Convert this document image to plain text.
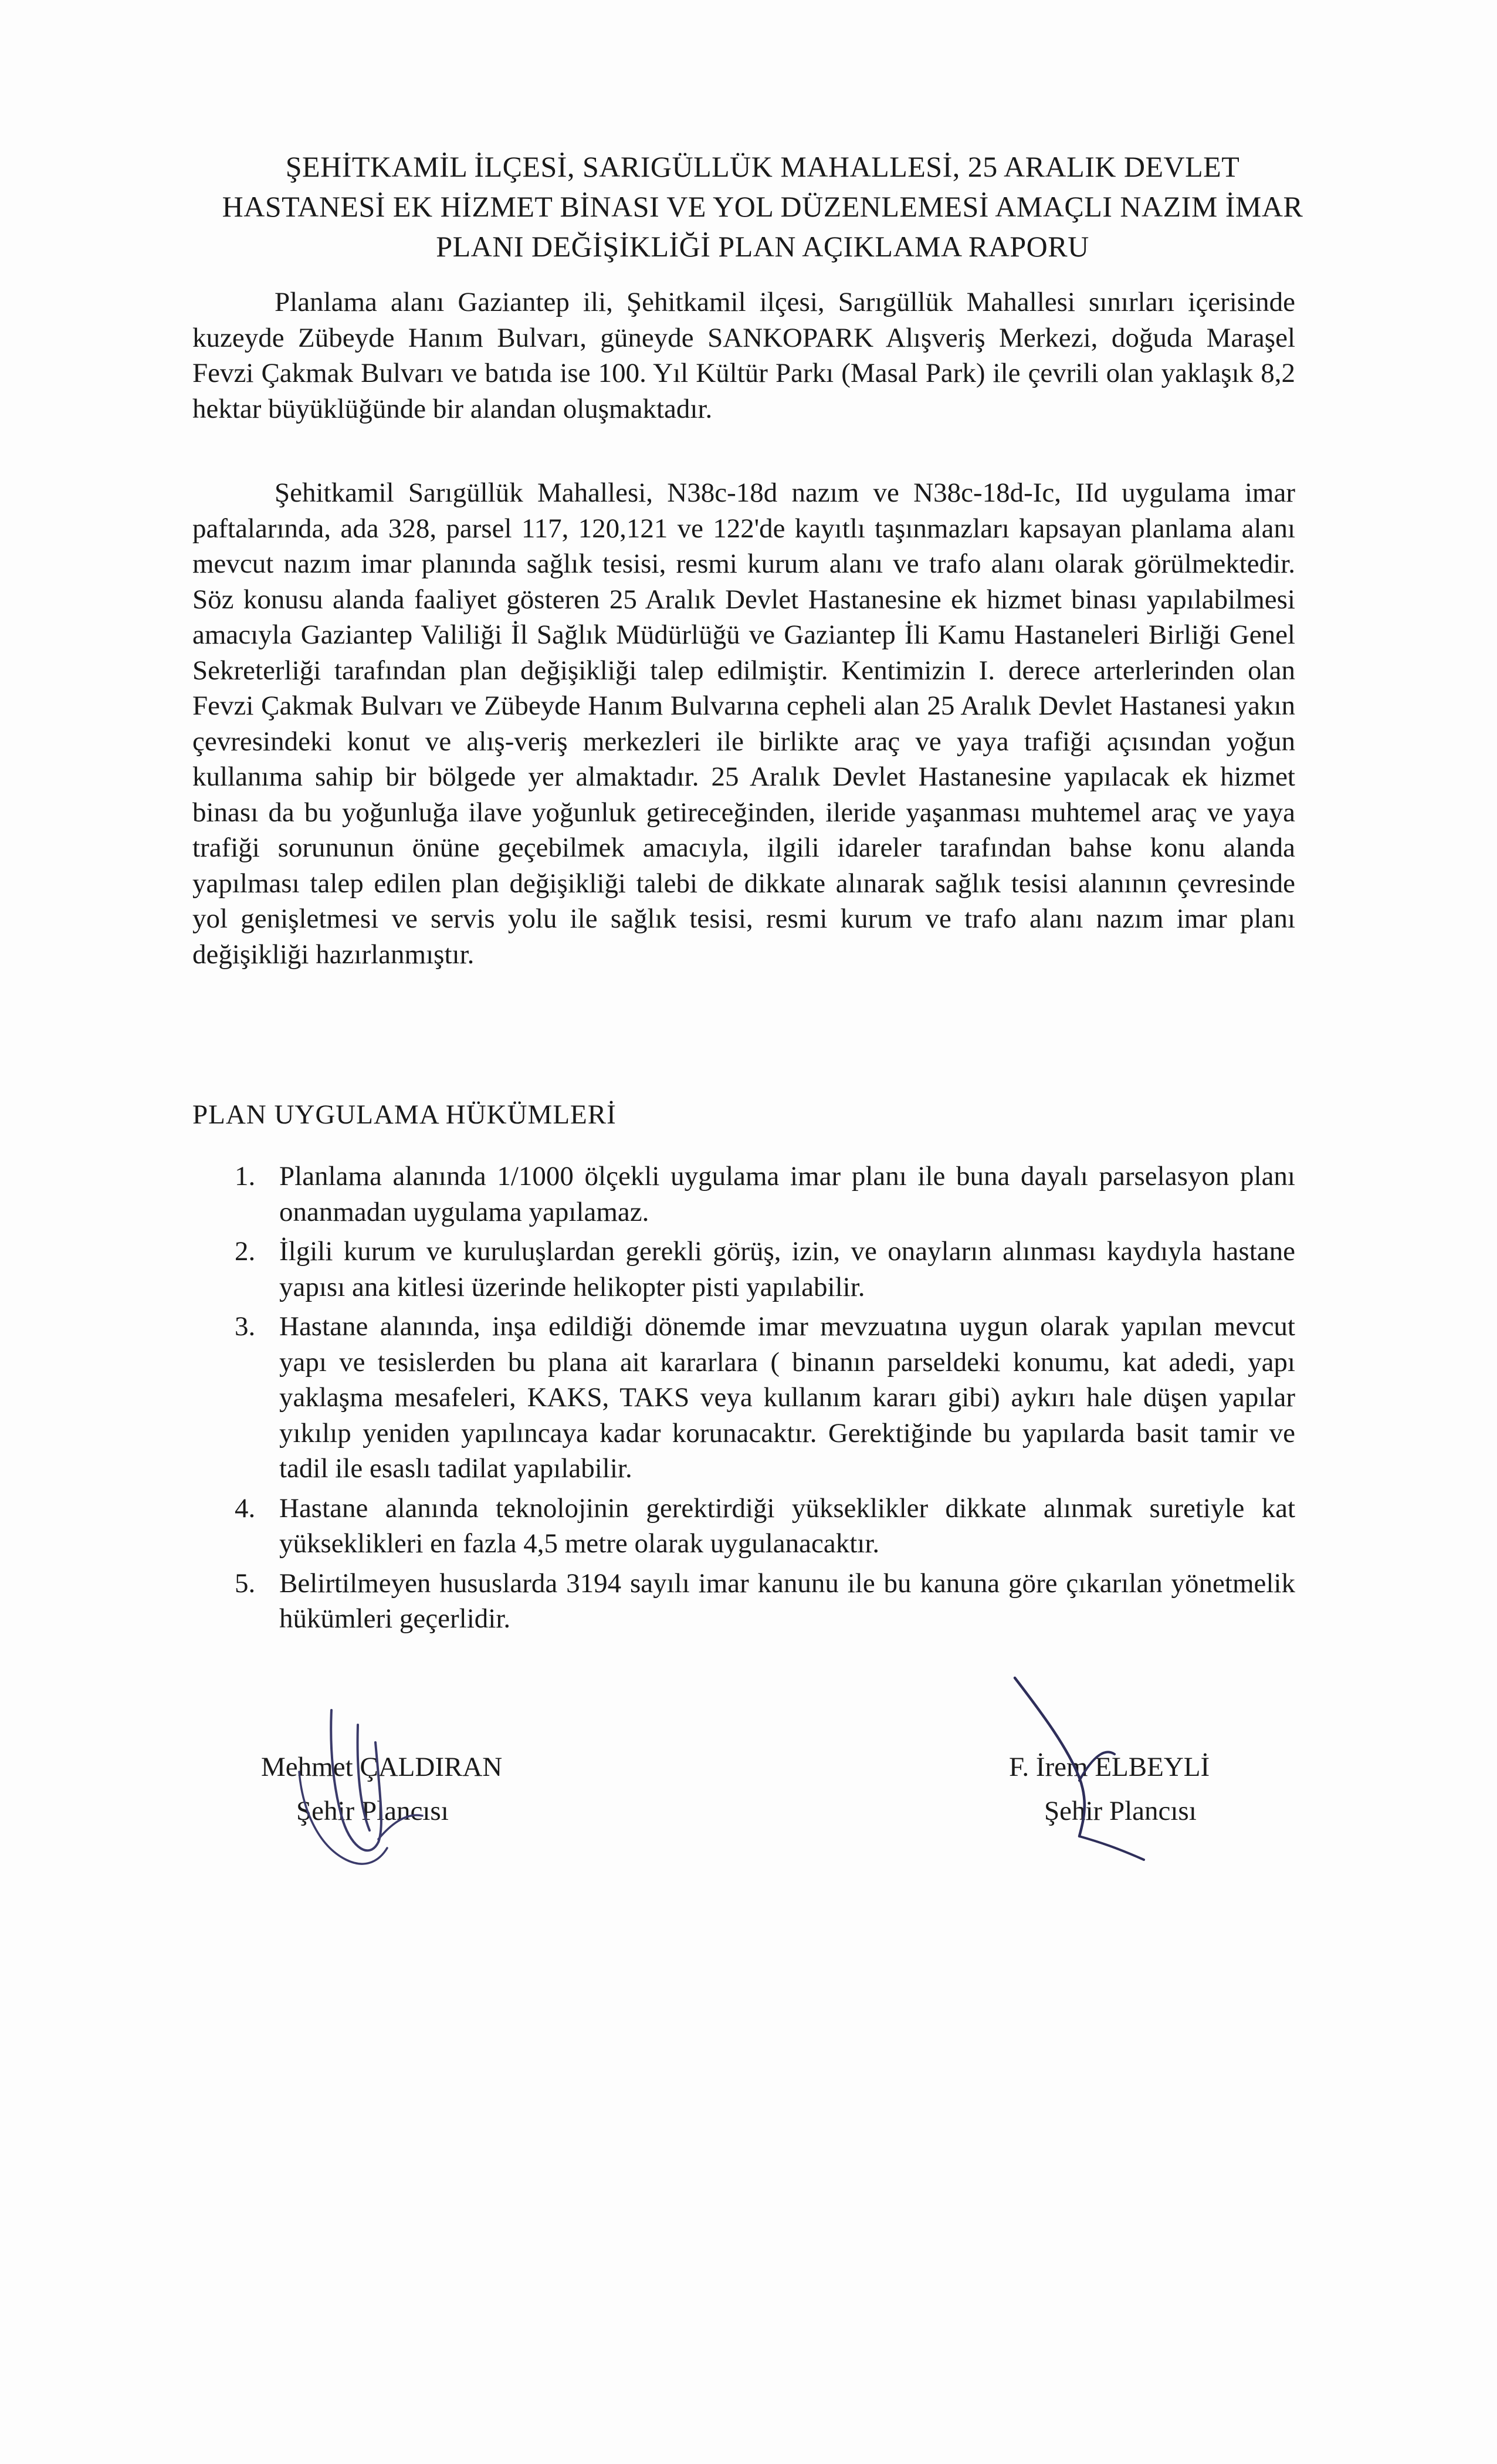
ŞEHİTKAMİL İLÇESİ, SARIGÜLLÜK MAHALLESİ, 25 ARALIK DEVLET
HASTANESİ EK HİZMET BİNASI VE YOL DÜZENLEMESİ AMAÇLI NAZIM İMAR
PLANI DEĞİŞİKLİĞİ PLAN AÇIKLAMA RAPORU
Planlama alanı Gaziantep ili, Şehitkamil ilçesi, Sarıgüllük Mahallesi sınırları içerisinde kuzeyde Zübeyde Hanım Bulvarı, güneyde SANKOPARK Alışveriş Merkezi, doğuda Maraşel Fevzi Çakmak Bulvarı ve batıda ise 100. Yıl Kültür Parkı (Masal Park) ile çevrili olan yaklaşık 8,2 hektar büyüklüğünde bir alandan oluşmaktadır.
Şehitkamil Sarıgüllük Mahallesi, N38c-18d nazım ve N38c-18d-Ic, IId uygulama imar paftalarında, ada 328, parsel 117, 120,121 ve 122'de kayıtlı taşınmazları kapsayan planlama alanı mevcut nazım imar planında sağlık tesisi, resmi kurum alanı ve trafo alanı olarak görülmektedir. Söz konusu alanda faaliyet gösteren 25 Aralık Devlet Hastanesine ek hizmet binası yapılabilmesi amacıyla Gaziantep Valiliği İl Sağlık Müdürlüğü ve Gaziantep İli Kamu Hastaneleri Birliği Genel Sekreterliği tarafından plan değişikliği talep edilmiştir. Kentimizin I. derece arterlerinden olan Fevzi Çakmak Bulvarı ve Zübeyde Hanım Bulvarına cepheli alan 25 Aralık Devlet Hastanesi yakın çevresindeki konut ve alış-veriş merkezleri ile birlikte araç ve yaya trafiği açısından yoğun kullanıma sahip bir bölgede yer almaktadır. 25 Aralık Devlet Hastanesine yapılacak ek hizmet binası da bu yoğunluğa ilave yoğunluk getireceğinden, ileride yaşanması muhtemel araç ve yaya trafiği sorununun önüne geçebilmek amacıyla, ilgili idareler tarafından bahse konu alanda yapılması talep edilen plan değişikliği talebi de dikkate alınarak sağlık tesisi alanının çevresinde yol genişletmesi ve servis yolu ile sağlık tesisi, resmi kurum ve trafo alanı nazım imar planı değişikliği hazırlanmıştır.
PLAN UYGULAMA HÜKÜMLERİ
1. Planlama alanında 1/1000 ölçekli uygulama imar planı ile buna dayalı parselasyon planı onanmadan uygulama yapılamaz.
2. İlgili kurum ve kuruluşlardan gerekli görüş, izin, ve onayların alınması kaydıyla hastane yapısı ana kitlesi üzerinde helikopter pisti yapılabilir.
3. Hastane alanında, inşa edildiği dönemde imar mevzuatına uygun olarak yapılan mevcut yapı ve tesislerden bu plana ait kararlara ( binanın parseldeki konumu, kat adedi, yapı yaklaşma mesafeleri, KAKS, TAKS veya kullanım kararı gibi) aykırı hale düşen yapılar yıkılıp yeniden yapılıncaya kadar korunacaktır. Gerektiğinde bu yapılarda basit tamir ve tadil ile esaslı tadilat yapılabilir.
4. Hastane alanında teknolojinin gerektirdiği yükseklikler dikkate alınmak suretiyle kat yükseklikleri en fazla 4,5 metre olarak uygulanacaktır.
5. Belirtilmeyen hususlarda 3194 sayılı imar kanunu ile bu kanuna göre çıkarılan yönetmelik hükümleri geçerlidir.
Mehmet ÇALDIRAN
Şehir Plancısı
F. İrem ELBEYLİ
Şehir Plancısı
